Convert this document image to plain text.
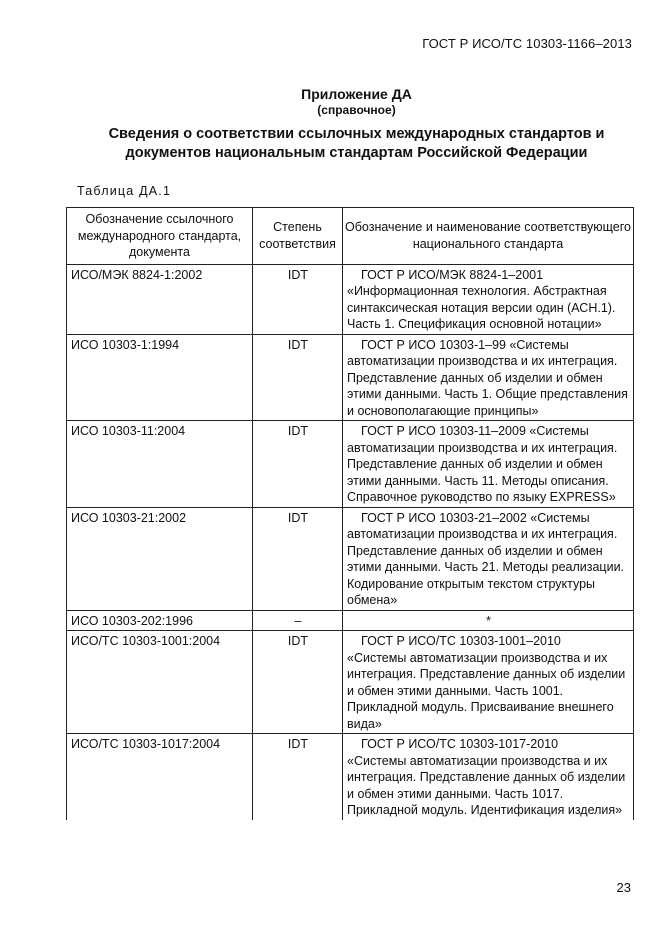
ГОСТ Р ИСО/ТС 10303-1166–2013
Приложение ДА
(справочное)
Сведения о соответствии ссылочных международных стандартов и
документов национальным стандартам Российской Федерации
Таблица ДА.1
Обозначение ссылочного международного стандарта, документа	Степень соответствия	Обозначение и наименование соответствующего национального стандарта
ИСО/МЭК 8824-1:2002	IDT	ГОСТ Р ИСО/МЭК 8824-1–2001
«Информационная технология. Абстрактная синтаксическая нотация версии один (АСН.1). Часть 1. Спецификация основной нотации»
ИСО 10303-1:1994	IDT	ГОСТ Р ИСО 10303-1–99 «Системы
автоматизации производства и их интеграция. Представление данных об изделии и обмен этими данными. Часть 1. Общие представления и основополагающие принципы»
ИСО 10303-11:2004	IDT	ГОСТ Р ИСО 10303-11–2009 «Системы
автоматизации производства и их интеграция. Представление данных об изделии и обмен этими данными. Часть 11. Методы описания. Справочное руководство по языку EXPRESS»
ИСО 10303-21:2002	IDT	ГОСТ Р ИСО 10303-21–2002 «Системы
автоматизации производства и их интеграция. Представление данных об изделии и обмен этими данными. Часть 21. Методы реализации. Кодирование открытым текстом структуры обмена»
ИСО 10303-202:1996	–	*
ИСО/ТС 10303-1001:2004	IDT	ГОСТ Р ИСО/ТС 10303-1001–2010
«Системы автоматизации производства и их интеграция. Представление данных об изделии и обмен этими данными. Часть 1001. Прикладной модуль. Присваивание внешнего вида»
ИСО/ТС 10303-1017:2004	IDT	ГОСТ Р ИСО/ТС 10303-1017-2010
«Системы автоматизации производства и их интеграция. Представление данных об изделии и обмен этими данными. Часть 1017. Прикладной модуль. Идентификация изделия»
23
